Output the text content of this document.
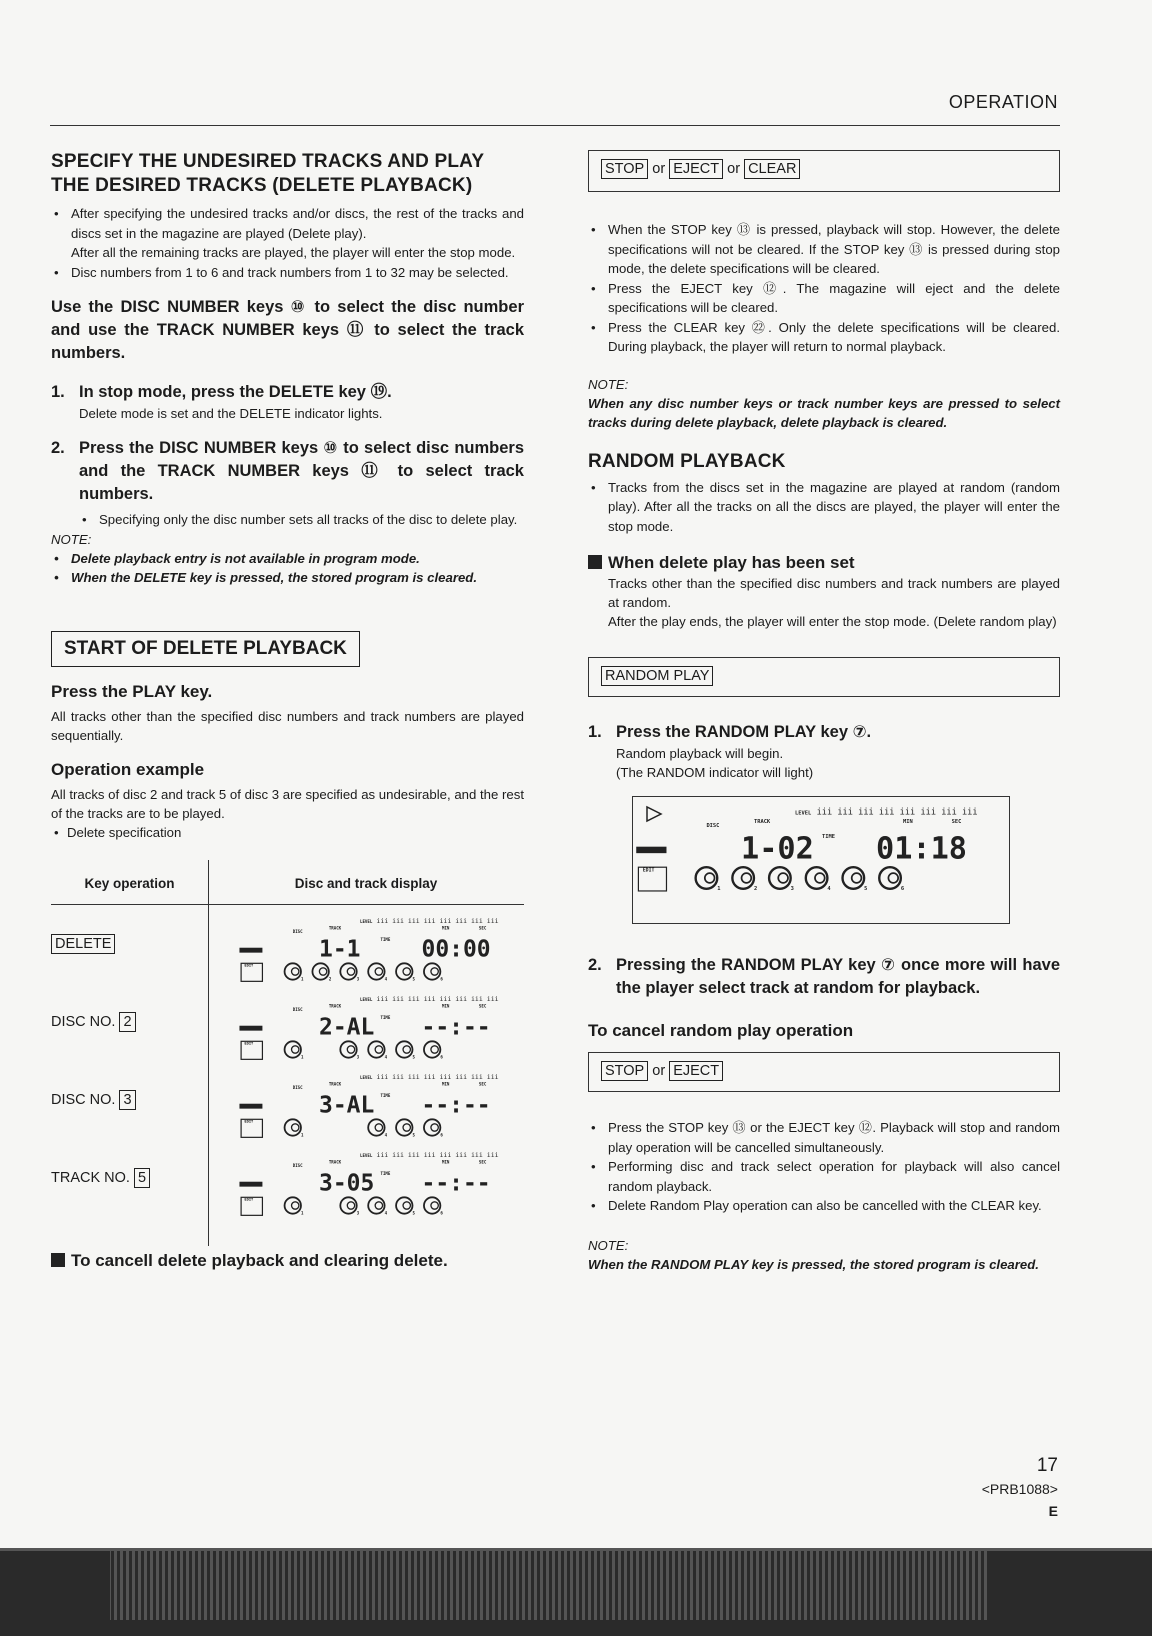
OPERATION
SPECIFY THE UNDESIRED TRACKS AND PLAY
THE DESIRED TRACKS (DELETE PLAYBACK)
• After specifying the undesired tracks and/or discs, the rest of the tracks and discs set in the magazine are played (Delete play).
After all the remaining tracks are played, the player will enter the stop mode.
• Disc numbers from 1 to 6 and track numbers from 1 to 32 may be selected.

Use the DISC NUMBER keys ⑩ to select the disc number and use the TRACK NUMBER keys ⑪ to select the track numbers.

1. In stop mode, press the DELETE key ⑲.
Delete mode is set and the DELETE indicator lights.
2. Press the DISC NUMBER keys ⑩ to select disc numbers and the TRACK NUMBER keys ⑪ to select track numbers.
• Specifying only the disc number sets all tracks of the disc to delete play.
NOTE:
• Delete playback entry is not available in program mode.
• When the DELETE key is pressed, the stored program is cleared.
START OF DELETE PLAYBACK
Press the PLAY key.

All tracks other than the specified disc numbers and track numbers are played sequentially.

Operation example

All tracks of disc 2 and track 5 of disc 3 are specified as undesirable, and the rest of the tracks are to be played.

• Delete specification
Key operation	Disc and track display
DELETE
LEVEL iii iii iii iii iii iii iii iii
DISC
TRACK	MIN	SEC
1-1	TIME 00:00
EDIT
1	2	3	4	5	6
DISC NO. 2
LEVEL iii iii iii iii iii iii iii iii
DISC
TRACK	MIN	SEC
2-AL TIME --:--
EDIT
1	3	4	5	6
DISC NO. 3
LEVEL iii iii iii iii iii iii iii iii
DISC
TRACK	MIN	SEC
3-AL TIME --:--
EDIT
1	4	5	6
TRACK NO. 5
LEVEL iii iii iii iii iii iii iii iii
DISC
TRACK	MIN	SEC
3-05 TIME --:--
EDIT
1	3	4	5	6
To cancell delete playback and clearing delete.
STOP or EJECT or CLEAR
• When the STOP key ⑬ is pressed, playback will stop. However, the delete specifications will not be cleared. If the STOP key ⑬ is pressed during stop mode, the delete specifications will be cleared.
• Press the EJECT key ⑫. The magazine will eject and the delete specifications will be cleared.
• Press the CLEAR key ㉒. Only the delete specifications will be cleared. During playback, the player will return to normal playback.
NOTE:

When any disc number keys or track number keys are pressed to select tracks during delete playback, delete playback is cleared.

RANDOM PLAYBACK
• Tracks from the discs set in the magazine are played at random (random play). After all the tracks on all the discs are played, the player will enter the stop mode.
When delete play has been set

Tracks other than the specified disc numbers and track numbers are played at random.

After the play ends, the player will enter the stop mode. (Delete random play)

RANDOM PLAY
1. Press the RANDOM PLAY key ⑦.
Random playback will begin.
(The RANDOM indicator will light)
LEVEL iii iii iii iii iii iii iii iii
DISC
TRACK	MIN	SEC
1-02 TIME 01:18
EDIT
1	2	3	4	5	6
2. Pressing the RANDOM PLAY key ⑦ once more will have the player select track at random for playback.
To cancel random play operation
STOP or EJECT
• Press the STOP key ⑬ or the EJECT key ⑫. Playback will stop and random play operation will be cancelled simultaneously.
• Performing disc and track select operation for playback will also cancel random playback.
• Delete Random Play operation can also be cancelled with the CLEAR key.
NOTE:

When the RANDOM PLAY key is pressed, the stored program is cleared.

17
<PRB1088>
E
